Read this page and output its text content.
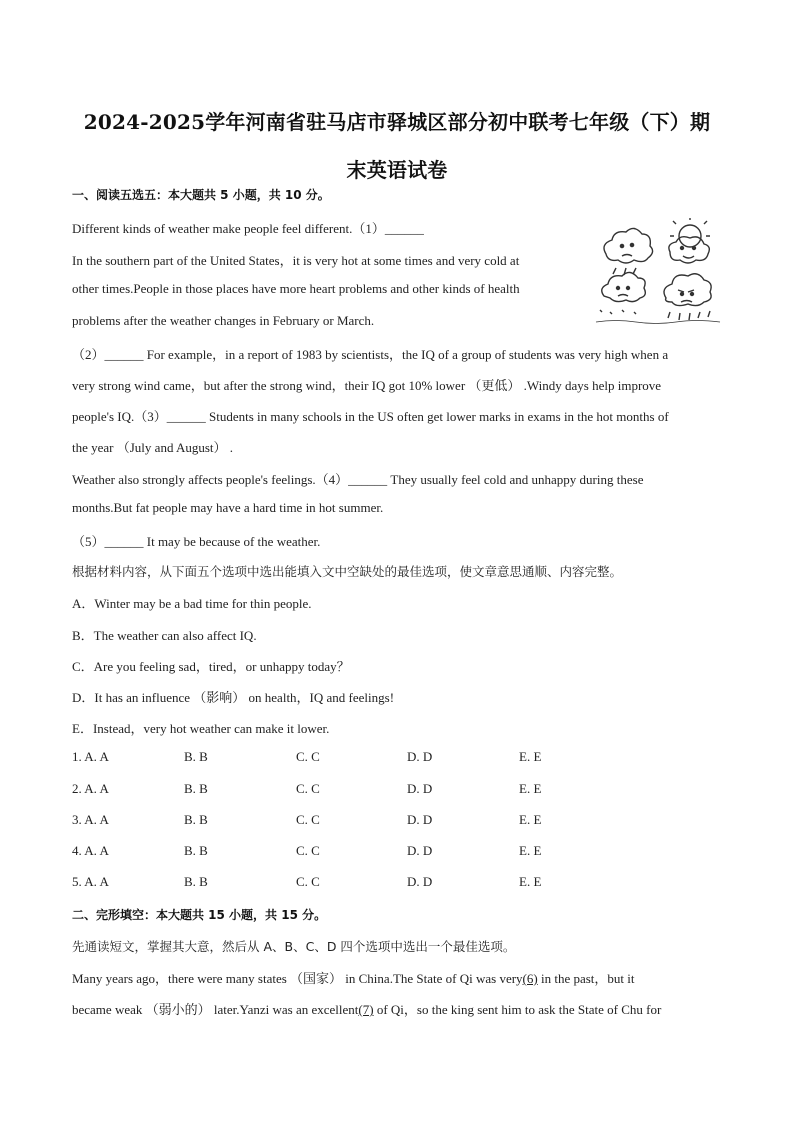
2024-2025学年河南省驻马店市驿城区部分初中联考七年级（下）期
末英语试卷
一、阅读五选五：本大题共 5 小题，共 10 分。
Different kinds of weather make people feel different.（1）______
In the southern part of the United States，it is very hot at some times and very cold at
other times.People in those places have more heart problems and other kinds of health
problems after the weather changes in February or March.
（2）______ For example，in a report of 1983 by scientists，the IQ of a group of students was very high when a
very strong wind came，but after the strong wind，their IQ got 10% lower （更低） .Windy days help improve
people's IQ.（3）______ Students in many schools in the US often get lower marks in exams in the hot months of
the year （July and August） .
Weather also strongly affects people's feelings.（4）______ They usually feel cold and unhappy during these
months.But fat people may have a hard time in hot summer.
（5）______ It may be because of the weather.
根据材料内容，从下面五个选项中选出能填入文中空缺处的最佳选项，使文章意思通顺、内容完整。
A．Winter may be a bad time for thin people.
B．The weather can also affect IQ.
C．Are you feeling sad，tired，or unhappy today？
D．It has an influence （影响） on health，IQ and feelings!
E．Instead，very hot weather can make it lower.
1. A. A	B. B	C. C	D. D	E. E
2. A. A	B. B	C. C	D. D	E. E
3. A. A	B. B	C. C	D. D	E. E
4. A. A	B. B	C. C	D. D	E. E
5. A. A	B. B	C. C	D. D	E. E
二、完形填空：本大题共 15 小题，共 15 分。
先通读短文，掌握其大意，然后从 A、B、C、D 四个选项中选出一个最佳选项。
Many years ago，there were many states （国家） in China.The State of Qi was very(6) in the past，but it
became weak （弱小的） later.Yanzi was an excellent(7) of Qi，so the king sent him to ask the State of Chu for
